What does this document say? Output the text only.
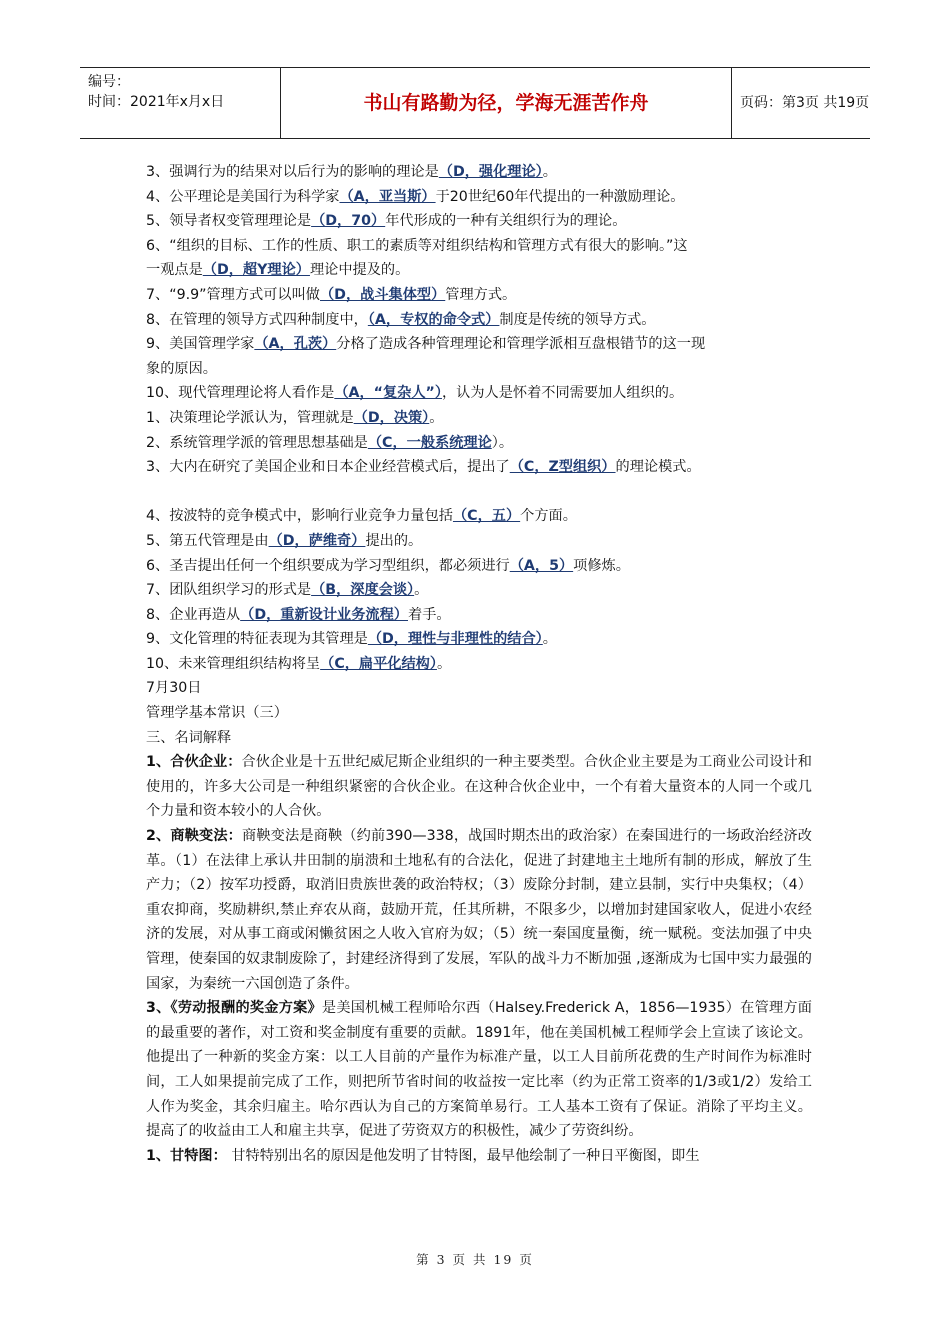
编号：
时间：2021年x月x日	书山有路勤为径，学海无涯苦作舟	页码：第3页 共19页
3、强调行为的结果对以后行为的影响的理论是（D，强化理论）。
4、公平理论是美国行为科学家（A，亚当斯）于20世纪60年代提出的一种激励理论。
5、领导者权变管理理论是（D，70）年代形成的一种有关组织行为的理论。
6、“组织的目标、工作的性质、职工的素质等对组织结构和管理方式有很大的影响。”这
一观点是（D，超Y理论）理论中提及的。
7、“9.9”管理方式可以叫做（D，战斗集体型）管理方式。
8、在管理的领导方式四种制度中，（A，专权的命令式）制度是传统的领导方式。
9、美国管理学家（A，孔茨）分格了造成各种管理理论和管理学派相互盘根错节的这一现
象的原因。
10、现代管理理论将人看作是（A，“复杂人”），认为人是怀着不同需要加人组织的。
1、决策理论学派认为，管理就是（D，决策）。
2、系统管理学派的管理思想基础是（C，一般系统理论）。
3、大内在研究了美国企业和日本企业经营模式后，提出了（C，Z型组织）的理论模式。
4、按波特的竞争模式中，影响行业竞争力量包括（C，五）个方面。
5、第五代管理是由（D，萨维奇）提出的。
6、圣吉提出任何一个组织要成为学习型组织，都必须进行（A，5）项修炼。
7、团队组织学习的形式是（B，深度会谈）。
8、企业再造从（D，重新设计业务流程）着手。
9、文化管理的特征表现为其管理是（D，理性与非理性的结合）。
10、未来管理组织结构将呈（C，扁平化结构）。
7月30日
管理学基本常识（三）
三、名词解释
1、合伙企业：合伙企业是十五世纪威尼斯企业组织的一种主要类型。合伙企业主要是为工商业公司设计和使用的，许多大公司是一种组织紧密的合伙企业。在这种合伙企业中，一个有着大量资本的人同一个或几个力量和资本较小的人合伙。
2、商鞅变法：商鞅变法是商鞅（约前390—338，战国时期杰出的政治家）在秦国进行的一场政治经济改革。（1）在法律上承认井田制的崩溃和土地私有的合法化，促进了封建地主土地所有制的形成，解放了生产力；（2）按军功授爵，取消旧贵族世袭的政治特权；（3）废除分封制，建立县制，实行中央集权；（4）重农抑商，奖励耕织,禁止弃农从商，鼓励开荒，任其所耕，不限多少，以增加封建国家收人，促进小农经济的发展，对从事工商或闲懒贫困之人收入官府为奴；（5）统一秦国度量衡，统一赋税。变法加强了中央管理，使秦国的奴隶制废除了，封建经济得到了发展，军队的战斗力不断加强 ,逐渐成为七国中实力最强的国家，为秦统一六国创造了条件。
3、《劳动报酬的奖金方案》是美国机械工程师哈尔西（Halsey.Frederick A，1856—1935）在管理方面的最重要的著作，对工资和奖金制度有重要的贡献。1891年，他在美国机械工程师学会上宣读了该论文。他提出了一种新的奖金方案：以工人目前的产量作为标准产量，以工人目前所花费的生产时间作为标准时间，工人如果提前完成了工作，则把所节省时间的收益按一定比率（约为正常工资率的1/3或1/2）发给工人作为奖金，其余归雇主。哈尔西认为自己的方案简单易行。工人基本工资有了保证。消除了平均主义。提高了的收益由工人和雇主共享，促进了劳资双方的积极性，减少了劳资纠纷。
1、甘特图： 甘特特别出名的原因是他发明了甘特图，最早他绘制了一种日平衡图，即生
第 3 页 共 19 页
